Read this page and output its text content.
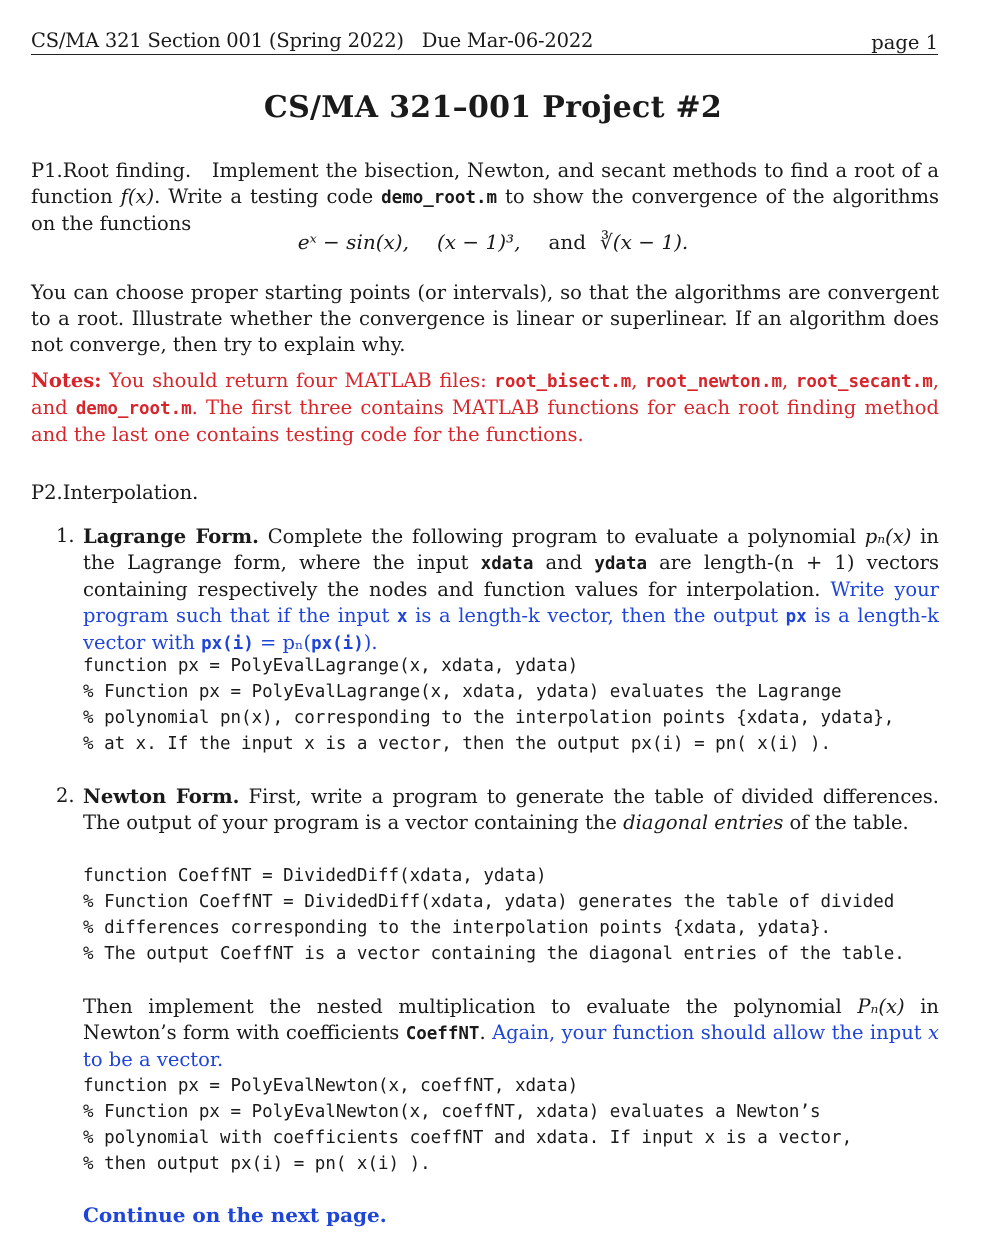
CS/MA 321 Section 001 (Spring 2022)   Due Mar-06-2022	page 1
CS/MA 321–001 Project #2
P1.Root finding. Implement the bisection, Newton, and secant methods to find a root of a function f(x). Write a testing code demo_root.m to show the convergence of the algorithms on the functions
eˣ − sin(x), (x − 1)³, and ∛(x − 1).
You can choose proper starting points (or intervals), so that the algorithms are convergent to a root. Illustrate whether the convergence is linear or superlinear. If an algorithm does not converge, then try to explain why.
Notes: You should return four MATLAB files: root_bisect.m, root_newton.m, root_secant.m, and demo_root.m. The first three contains MATLAB functions for each root finding method and the last one contains testing code for the functions.
P2.Interpolation.
1. Lagrange Form. Complete the following program to evaluate a polynomial pₙ(x) in the Lagrange form, where the input xdata and ydata are length-(n + 1) vectors containing respectively the nodes and function values for interpolation. Write your program such that if the input x is a length-k vector, then the output px is a length-k vector with px(i) = pₙ(px(i)).
function px = PolyEvalLagrange(x, xdata, ydata)
% Function px = PolyEvalLagrange(x, xdata, ydata) evaluates the Lagrange
% polynomial pn(x), corresponding to the interpolation points {xdata, ydata},
% at x. If the input x is a vector, then the output px(i) = pn( x(i) ).
2. Newton Form. First, write a program to generate the table of divided differences. The output of your program is a vector containing the diagonal entries of the table.
function CoeffNT = DividedDiff(xdata, ydata)
% Function CoeffNT = DividedDiff(xdata, ydata) generates the table of divided
% differences corresponding to the interpolation points {xdata, ydata}.
% The output CoeffNT is a vector containing the diagonal entries of the table.
Then implement the nested multiplication to evaluate the polynomial Pₙ(x) in Newton’s form with coefficients CoeffNT. Again, your function should allow the input x to be a vector.
function px = PolyEvalNewton(x, coeffNT, xdata)
% Function px = PolyEvalNewton(x, coeffNT, xdata) evaluates a Newton’s
% polynomial with coefficients coeffNT and xdata. If input x is a vector,
% then output px(i) = pn( x(i) ).
Continue on the next page.
